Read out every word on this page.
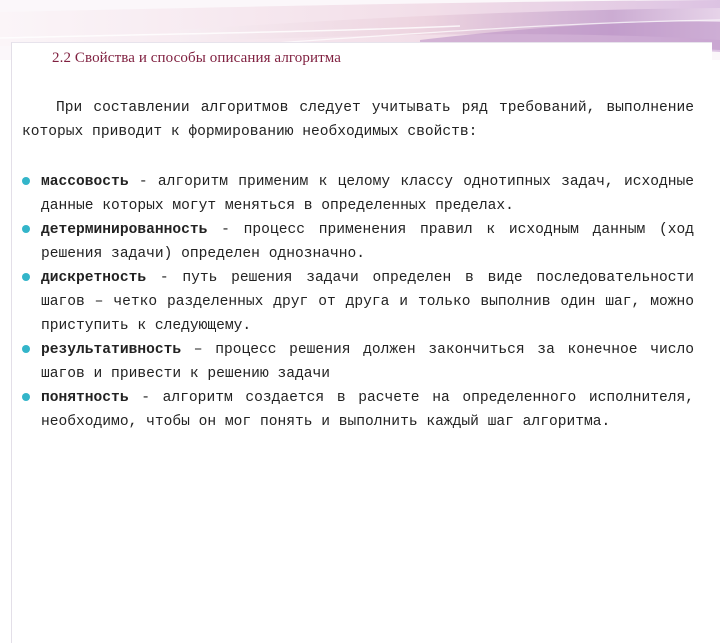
2.2 Свойства и способы описания алгоритма
При составлении алгоритмов следует учитывать ряд требований, выполнение которых приводит к формированию необходимых свойств:
массовость - алгоритм применим к целому классу однотипных задач, исходные данные которых могут меняться в определенных пределах.
детерминированность - процесс применения правил к исходным данным (ход решения задачи) определен однозначно.
дискретность - путь решения задачи определен в виде последовательности шагов – четко разделенных друг от друга и только выполнив один шаг, можно приступить к следующему.
результативность – процесс решения должен закончиться за конечное число шагов и привести к решению задачи
понятность - алгоритм создается в расчете на определенного исполнителя, необходимо, чтобы он мог понять и выполнить каждый шаг алгоритма.
